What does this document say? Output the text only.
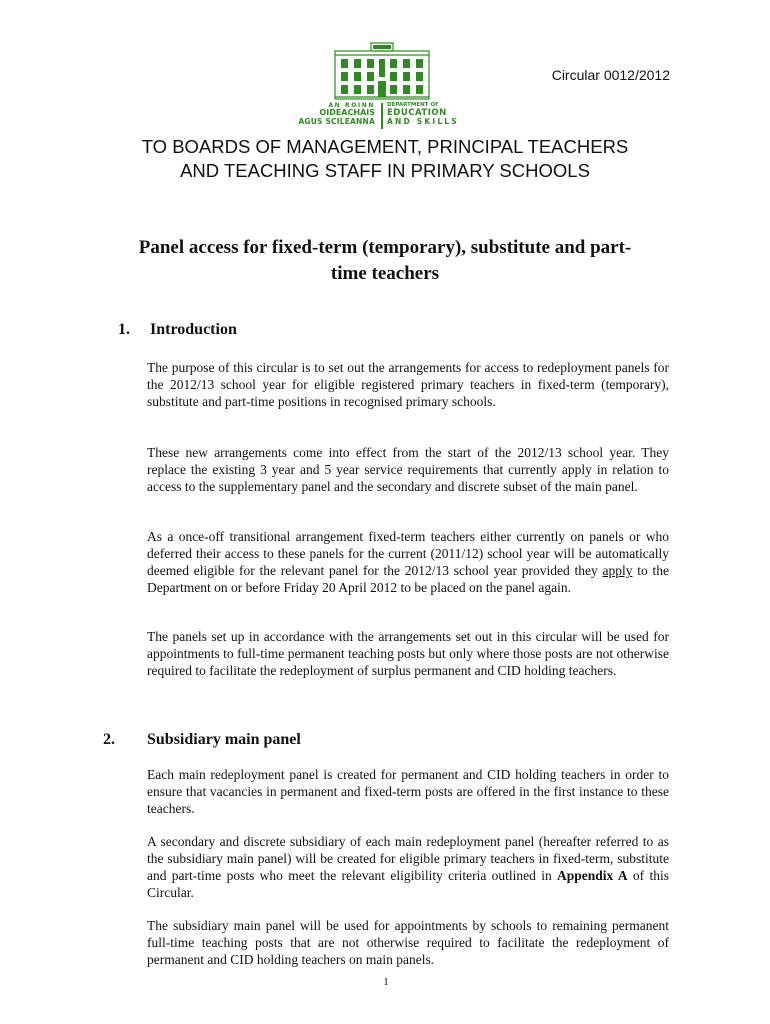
AN ROINN
OIDEACHAIS
AGUS SCILEANNA
DEPARTMENT OF
EDUCATION
AND SKILLS
Circular 0012/2012
TO BOARDS OF MANAGEMENT, PRINCIPAL TEACHERS
AND TEACHING STAFF IN PRIMARY SCHOOLS
Panel access for fixed-term (temporary), substitute and part-
time teachers
1. Introduction

The purpose of this circular is to set out the arrangements for access to redeployment panels for the 2012/13 school year for eligible registered primary teachers in fixed-term (temporary), substitute and part-time positions in recognised primary schools.

These new arrangements come into effect from the start of the 2012/13 school year. They replace the existing 3 year and 5 year service requirements that currently apply in relation to access to the supplementary panel and the secondary and discrete subset of the main panel.

As a once-off transitional arrangement fixed-term teachers either currently on panels or who deferred their access to these panels for the current (2011/12) school year will be automatically deemed eligible for the relevant panel for the 2012/13 school year provided they apply to the Department on or before Friday 20 April 2012 to be placed on the panel again.

The panels set up in accordance with the arrangements set out in this circular will be used for appointments to full-time permanent teaching posts but only where those posts are not otherwise required to facilitate the redeployment of surplus permanent and CID holding teachers.

2. Subsidiary main panel

Each main redeployment panel is created for permanent and CID holding teachers in order to ensure that vacancies in permanent and fixed-term posts are offered in the first instance to these teachers.

A secondary and discrete subsidiary of each main redeployment panel (hereafter referred to as the subsidiary main panel) will be created for eligible primary teachers in fixed-term, substitute and part-time posts who meet the relevant eligibility criteria outlined in Appendix A of this Circular.

The subsidiary main panel will be used for appointments by schools to remaining permanent full-time teaching posts that are not otherwise required to facilitate the redeployment of permanent and CID holding teachers on main panels.

1
